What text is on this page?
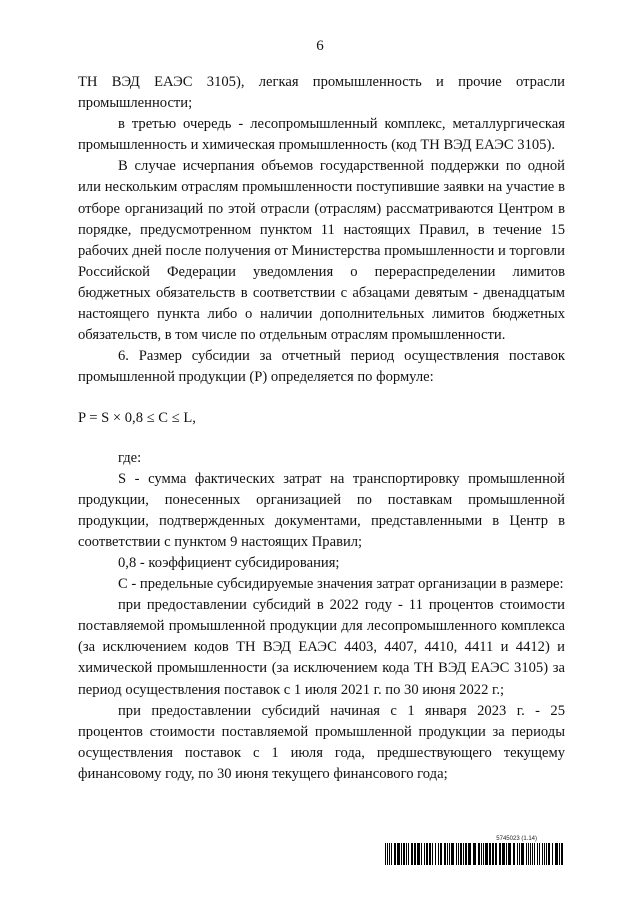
6

ТН ВЭД ЕАЭС 3105), легкая промышленность и прочие отрасли промышленности;

в третью очередь - лесопромышленный комплекс, металлургическая промышленность и химическая промышленность (код ТН ВЭД ЕАЭС 3105).

В случае исчерпания объемов государственной поддержки по одной или нескольким отраслям промышленности поступившие заявки на участие в отборе организаций по этой отрасли (отраслям) рассматриваются Центром в порядке, предусмотренном пунктом 11 настоящих Правил, в течение 15 рабочих дней после получения от Министерства промышленности и торговли Российской Федерации уведомления о перераспределении лимитов бюджетных обязательств в соответствии с абзацами девятым - двенадцатым настоящего пункта либо о наличии дополнительных лимитов бюджетных обязательств, в том числе по отдельным отраслям промышленности.

6. Размер субсидии за отчетный период осуществления поставок промышленной продукции (Р) определяется по формуле:

P = S × 0,8 ≤ C ≤ L,

где:

S - сумма фактических затрат на транспортировку промышленной продукции, понесенных организацией по поставкам промышленной продукции, подтвержденных документами, представленными в Центр в соответствии с пунктом 9 настоящих Правил;

0,8 - коэффициент субсидирования;

C - предельные субсидируемые значения затрат организации в размере:

при предоставлении субсидий в 2022 году - 11 процентов стоимости поставляемой промышленной продукции для лесопромышленного комплекса (за исключением кодов ТН ВЭД ЕАЭС 4403, 4407, 4410, 4411 и 4412) и химической промышленности (за исключением кода ТН ВЭД ЕАЭС 3105) за период осуществления поставок с 1 июля 2021 г. по 30 июня 2022 г.;

при предоставлении субсидий начиная с 1 января 2023 г. - 25 процентов стоимости поставляемой промышленной продукции за периоды осуществления поставок с 1 июля года, предшествующего текущему финансовому году, по 30 июня текущего финансового года;

5745023 (1.14)
